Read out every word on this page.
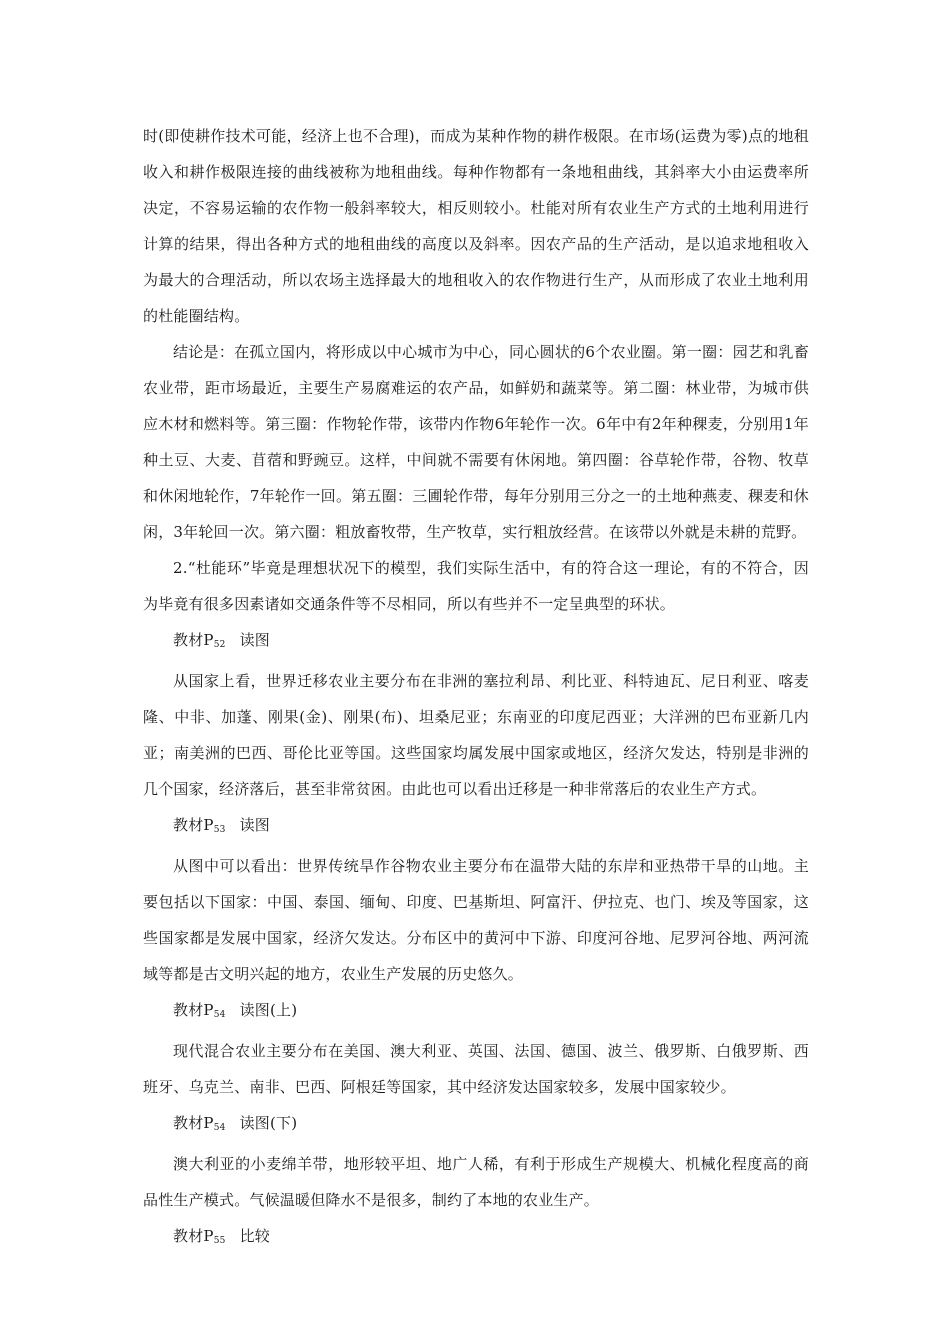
时(即使耕作技术可能，经济上也不合理)，而成为某种作物的耕作极限。在市场(运费为零)点的地租收入和耕作极限连接的曲线被称为地租曲线。每种作物都有一条地租曲线，其斜率大小由运费率所决定，不容易运输的农作物一般斜率较大，相反则较小。杜能对所有农业生产方式的土地利用进行计算的结果，得出各种方式的地租曲线的高度以及斜率。因农产品的生产活动，是以追求地租收入为最大的合理活动，所以农场主选择最大的地租收入的农作物进行生产，从而形成了农业土地利用的杜能圈结构。

结论是：在孤立国内，将形成以中心城市为中心，同心圆状的6个农业圈。第一圈：园艺和乳畜农业带，距市场最近，主要生产易腐难运的农产品，如鲜奶和蔬菜等。第二圈：林业带，为城市供应木材和燃料等。第三圈：作物轮作带，该带内作物6年轮作一次。6年中有2年种稞麦，分别用1年种土豆、大麦、苜蓿和野豌豆。这样，中间就不需要有休闲地。第四圈：谷草轮作带，谷物、牧草和休闲地轮作，7年轮作一回。第五圈：三圃轮作带，每年分别用三分之一的土地种燕麦、稞麦和休闲，3年轮回一次。第六圈：粗放畜牧带，生产牧草，实行粗放经营。在该带以外就是未耕的荒野。

2.“杜能环”毕竟是理想状况下的模型，我们实际生活中，有的符合这一理论，有的不符合，因为毕竟有很多因素诸如交通条件等不尽相同，所以有些并不一定呈典型的环状。

教材$P_{52}$ 读图

从国家上看，世界迁移农业主要分布在非洲的塞拉利昂、利比亚、科特迪瓦、尼日利亚、喀麦隆、中非、加蓬、刚果(金)、刚果(布)、坦桑尼亚；东南亚的印度尼西亚；大洋洲的巴布亚新几内亚；南美洲的巴西、哥伦比亚等国。这些国家均属发展中国家或地区，经济欠发达，特别是非洲的几个国家，经济落后，甚至非常贫困。由此也可以看出迁移是一种非常落后的农业生产方式。

教材$P_{53}$ 读图

从图中可以看出：世界传统旱作谷物农业主要分布在温带大陆的东岸和亚热带干旱的山地。主要包括以下国家：中国、泰国、缅甸、印度、巴基斯坦、阿富汗、伊拉克、也门、埃及等国家，这些国家都是发展中国家，经济欠发达。分布区中的黄河中下游、印度河谷地、尼罗河谷地、两河流域等都是古文明兴起的地方，农业生产发展的历史悠久。

教材$P_{54}$ 读图(上)

现代混合农业主要分布在美国、澳大利亚、英国、法国、德国、波兰、俄罗斯、白俄罗斯、西班牙、乌克兰、南非、巴西、阿根廷等国家，其中经济发达国家较多，发展中国家较少。

教材$P_{54}$ 读图(下)

澳大利亚的小麦绵羊带，地形较平坦、地广人稀，有利于形成生产规模大、机械化程度高的商品性生产模式。气候温暖但降水不是很多，制约了本地的农业生产。

教材$P_{55}$ 比较
